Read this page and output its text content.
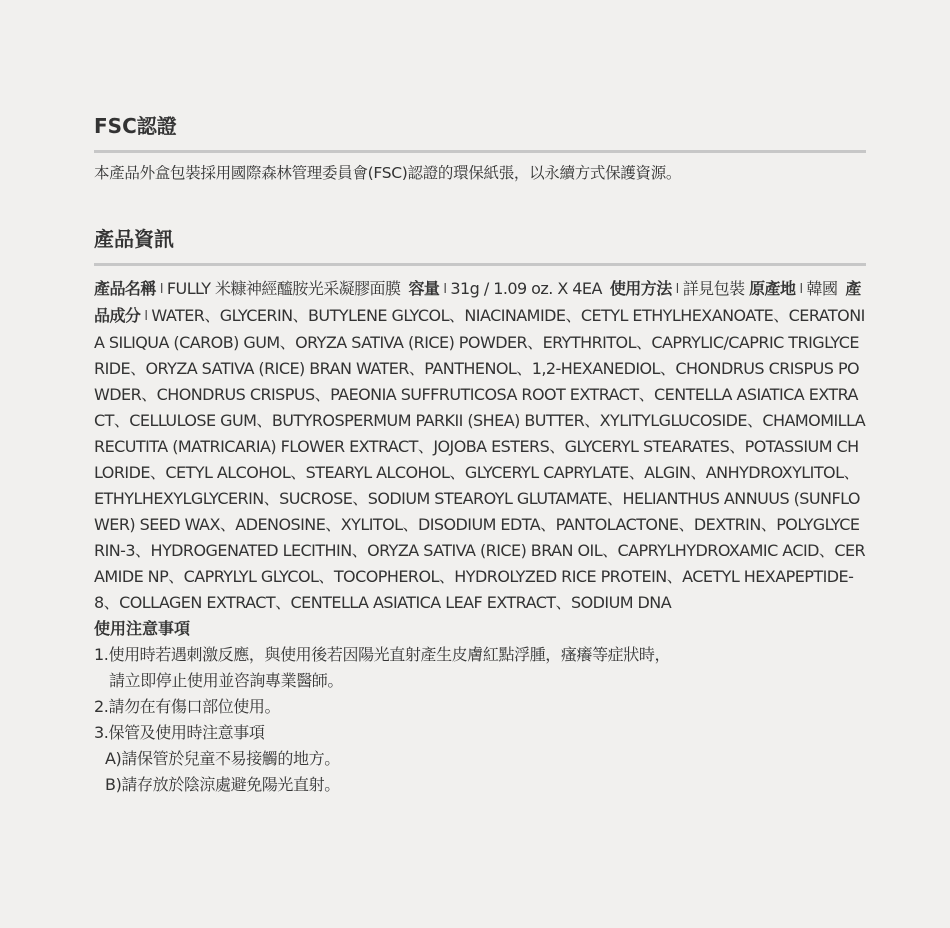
FSC認證

本產品外盒包裝採用國際森林管理委員會(FSC)認證的環保紙張，以永續方式保護資源。

產品資訊
產品名稱 l FULLY 米糠神經醯胺光采凝膠面膜 容量 l 31g / 1.09 oz. X 4EA 使用方法 l 詳見包裝 原產地 l 韓國 產品成分 l WATER、GLYCERIN、BUTYLENE GLYCOL、NIACINAMIDE、CETYL ETHYLHEXANOATE、CERATONIA SILIQUA (CAROB) GUM、ORYZA SATIVA (RICE) POWDER、ERYTHRITOL、CAPRYLIC/CAPRIC TRIGLYCERIDE、ORYZA SATIVA (RICE) BRAN WATER、PANTHENOL、1,2-HEXANEDIOL、CHONDRUS CRISPUS POWDER、CHONDRUS CRISPUS、PAEONIA SUFFRUTICOSA ROOT EXTRACT、CENTELLA ASIATICA EXTRACT、CELLULOSE GUM、BUTYROSPERMUM PARKII (SHEA) BUTTER、XYLITYLGLUCOSIDE、CHAMOMILLA RECUTITA (MATRICARIA) FLOWER EXTRACT、JOJOBA ESTERS、GLYCERYL STEARATES、POTASSIUM CHLORIDE、CETYL ALCOHOL、STEARYL ALCOHOL、GLYCERYL CAPRYLATE、ALGIN、ANHYDROXYLITOL、ETHYLHEXYLGLYCERIN、SUCROSE、SODIUM STEAROYL GLUTAMATE、HELIANTHUS ANNUUS (SUNFLOWER) SEED WAX、ADENOSINE、XYLITOL、DISODIUM EDTA、PANTOLACTONE、DEXTRIN、POLYGLYCERIN-3、HYDROGENATED LECITHIN、ORYZA SATIVA (RICE) BRAN OIL、CAPRYLHYDROXAMIC ACID、CERAMIDE NP、CAPRYLYL GLYCOL、TOCOPHEROL、HYDROLYZED RICE PROTEIN、ACETYL HEXAPEPTIDE-8、COLLAGEN EXTRACT、CENTELLA ASIATICA LEAF EXTRACT、SODIUM DNA

使用注意事項

1.使用時若遇刺激反應，與使用後若因陽光直射產生皮膚紅點浮腫，瘙癢等症狀時，

請立即停止使用並咨詢專業醫師。

2.請勿在有傷口部位使用。

3.保管及使用時注意事項

A)請保管於兒童不易接觸的地方。

B)請存放於陰涼處避免陽光直射。
